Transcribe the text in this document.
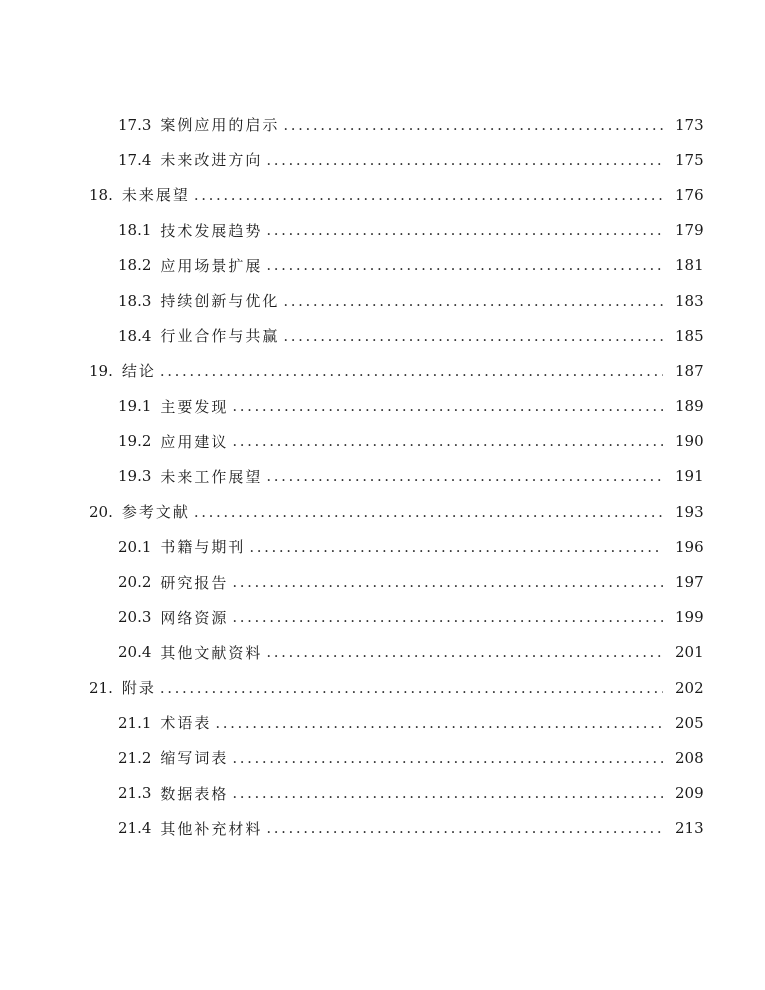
17.3 案例应用的启示 .....	173
17.4 未来改进方向 .....	175
18. 未来展望 .....	176
18.1 技术发展趋势 .....	179
18.2 应用场景扩展 .....	181
18.3 持续创新与优化 .....	183
18.4 行业合作与共赢 .....	185
19. 结论 .....	187
19.1 主要发现 .....	189
19.2 应用建议 .....	190
19.3 未来工作展望 .....	191
20. 参考文献 .....	193
20.1 书籍与期刊 .....	196
20.2 研究报告 .....	197
20.3 网络资源 .....	199
20.4 其他文献资料 .....	201
21. 附录 .....	202
21.1 术语表 .....	205
21.2 缩写词表 .....	208
21.3 数据表格 .....	209
21.4 其他补充材料 .....	213
